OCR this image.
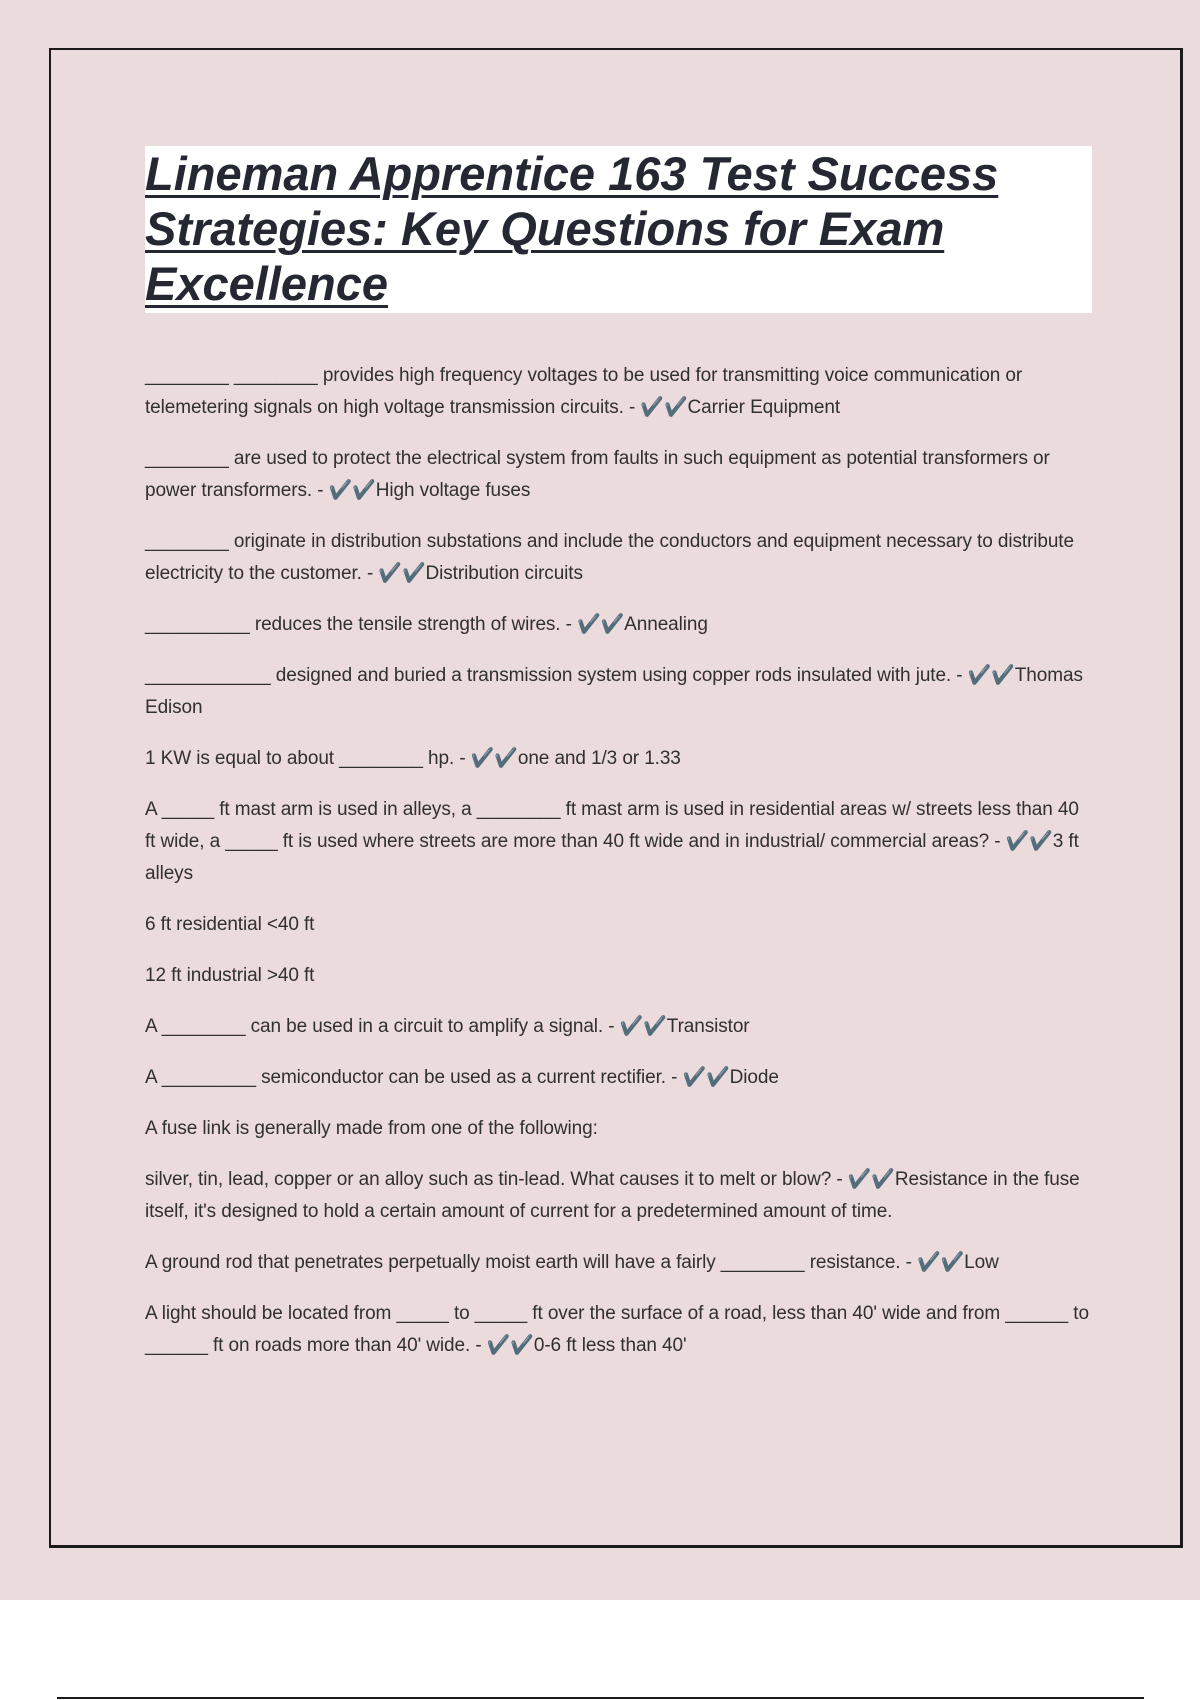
Lineman Apprentice 163 Test Success Strategies: Key Questions for Exam Excellence

________ ________ provides high frequency voltages to be used for transmitting voice communication or telemetering signals on high voltage transmission circuits. - ✔️✔️Carrier Equipment

________ are used to protect the electrical system from faults in such equipment as potential transformers or power transformers. - ✔️✔️High voltage fuses

________ originate in distribution substations and include the conductors and equipment necessary to distribute electricity to the customer. - ✔️✔️Distribution circuits

__________ reduces the tensile strength of wires. - ✔️✔️Annealing

____________ designed and buried a transmission system using copper rods insulated with jute. - ✔️✔️Thomas Edison

1 KW is equal to about ________ hp. - ✔️✔️one and 1/3 or 1.33

A _____ ft mast arm is used in alleys, a ________ ft mast arm is used in residential areas w/ streets less than 40 ft wide, a _____ ft is used where streets are more than 40 ft wide and in industrial/ commercial areas? - ✔️✔️3 ft alleys

6 ft residential <40 ft

12 ft industrial >40 ft

A ________ can be used in a circuit to amplify a signal. - ✔️✔️Transistor

A _________ semiconductor can be used as a current rectifier. - ✔️✔️Diode

A fuse link is generally made from one of the following:

silver, tin, lead, copper or an alloy such as tin-lead. What causes it to melt or blow? - ✔️✔️Resistance in the fuse itself, it's designed to hold a certain amount of current for a predetermined amount of time.

A ground rod that penetrates perpetually moist earth will have a fairly ________ resistance. - ✔️✔️Low

A light should be located from _____ to _____ ft over the surface of a road, less than 40' wide and from ______ to ______ ft on roads more than 40' wide. - ✔️✔️0-6 ft less than 40'
